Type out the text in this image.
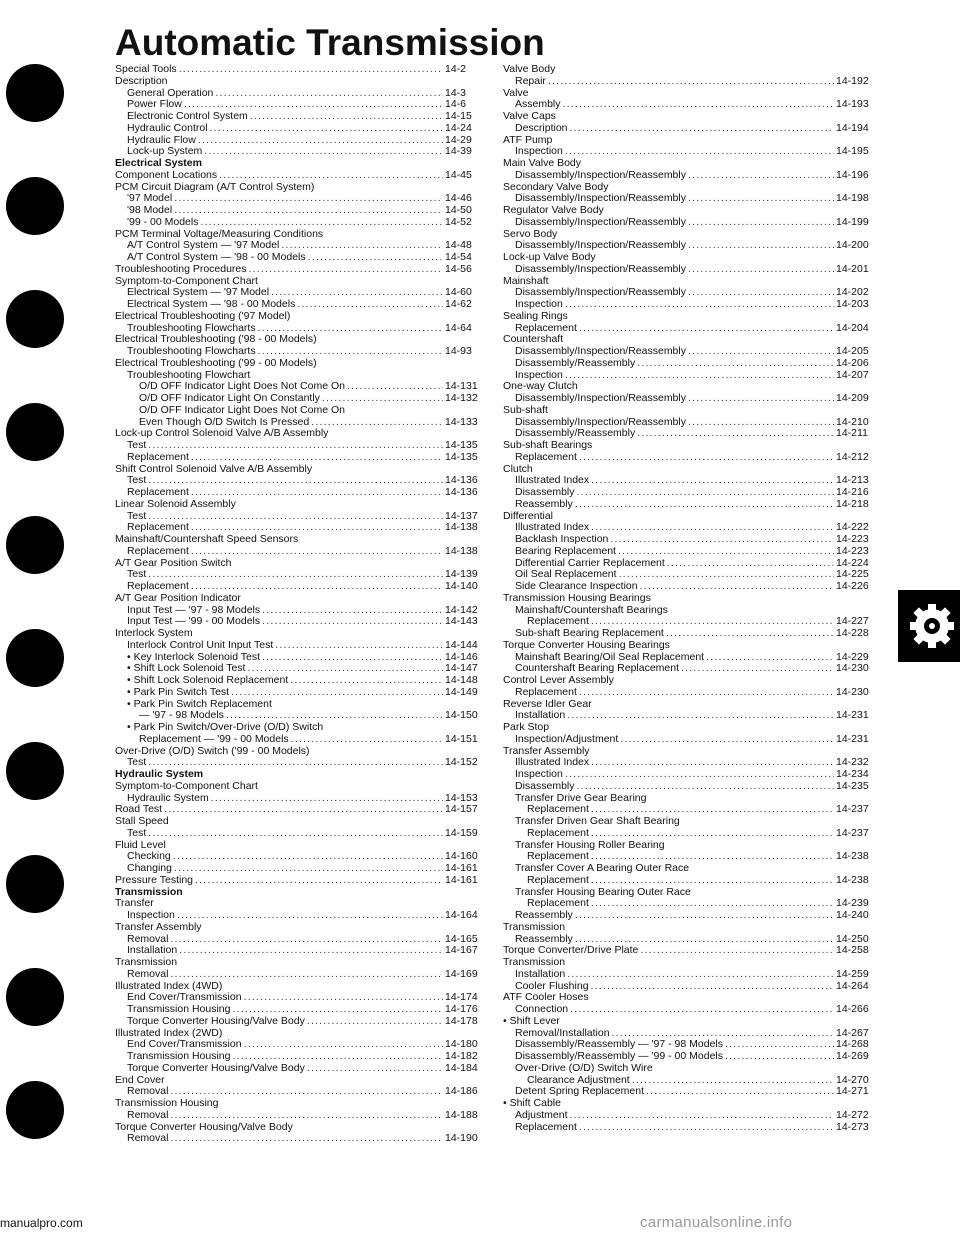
Automatic Transmission
Special Tools .....	14-2
Description
General Operation .....	14-3
Power Flow .....	14-6
Electronic Control System .....	14-15
Hydraulic Control .....	14-24
Hydraulic Flow .....	14-29
Lock-up System .....	14-39
Electrical System
Component Locations .....	14-45
PCM Circuit Diagram (A/T Control System)
'97 Model .....	14-46
'98 Model .....	14-50
'99 - 00 Models .....	14-52
PCM Terminal Voltage/Measuring Conditions
A/T Control System — '97 Model .....	14-48
A/T Control System — '98 - 00 Models .....	14-54
Troubleshooting Procedures .....	14-56
Symptom-to-Component Chart
Electrical System — '97 Model .....	14-60
Electrical System — '98 - 00 Models .....	14-62
Electrical Troubleshooting ('97 Model)
Troubleshooting Flowcharts .....	14-64
Electrical Troubleshooting ('98 - 00 Models)
Troubleshooting Flowcharts .....	14-93
Electrical Troubleshooting ('99 - 00 Models)
Troubleshooting Flowchart
O/D OFF Indicator Light Does Not Come On .....	14-131
O/D OFF Indicator Light On Constantly .....	14-132
O/D OFF Indicator Light Does Not Come On
Even Though O/D Switch Is Pressed .....	14-133
Lock-up Control Solenoid Valve A/B Assembly
Test .....	14-135
Replacement .....	14-135
Shift Control Solenoid Valve A/B Assembly
Test .....	14-136
Replacement .....	14-136
Linear Solenoid Assembly
Test .....	14-137
Replacement .....	14-138
Mainshaft/Countershaft Speed Sensors
Replacement .....	14-138
A/T Gear Position Switch
Test .....	14-139
Replacement .....	14-140
A/T Gear Position Indicator
Input Test — '97 - 98 Models .....	14-142
Input Test — '99 - 00 Models .....	14-143
Interlock System
Interlock Control Unit Input Test .....	14-144
• Key Interlock Solenoid Test .....	14-146
• Shift Lock Solenoid Test .....	14-147
• Shift Lock Solenoid Replacement .....	14-148
• Park Pin Switch Test .....	14-149
• Park Pin Switch Replacement
— '97 - 98 Models .....	14-150
• Park Pin Switch/Over-Drive (O/D) Switch
Replacement — '99 - 00 Models .....	14-151
Over-Drive (O/D) Switch ('99 - 00 Models)
Test .....	14-152
Hydraulic System
Symptom-to-Component Chart
Hydraulic System .....	14-153
Road Test .....	14-157
Stall Speed
Test .....	14-159
Fluid Level
Checking .....	14-160
Changing .....	14-161
Pressure Testing .....	14-161
Transmission
Transfer
Inspection .....	14-164
Transfer Assembly
Removal .....	14-165
Installation .....	14-167
Transmission
Removal .....	14-169
Illustrated Index (4WD)
End Cover/Transmission .....	14-174
Transmission Housing .....	14-176
Torque Converter Housing/Valve Body .....	14-178
Illustrated Index (2WD)
End Cover/Transmission .....	14-180
Transmission Housing .....	14-182
Torque Converter Housing/Valve Body .....	14-184
End Cover
Removal .....	14-186
Transmission Housing
Removal .....	14-188
Torque Converter Housing/Valve Body
Removal .....	14-190
Valve Body
Repair .....	14-192
Valve
Assembly .....	14-193
Valve Caps
Description .....	14-194
ATF Pump
Inspection .....	14-195
Main Valve Body
Disassembly/Inspection/Reassembly .....	14-196
Secondary Valve Body
Disassembly/Inspection/Reassembly .....	14-198
Regulator Valve Body
Disassembly/Inspection/Reassembly .....	14-199
Servo Body
Disassembly/Inspection/Reassembly .....	14-200
Lock-up Valve Body
Disassembly/Inspection/Reassembly .....	14-201
Mainshaft
Disassembly/Inspection/Reassembly .....	14-202
Inspection .....	14-203
Sealing Rings
Replacement .....	14-204
Countershaft
Disassembly/Inspection/Reassembly .....	14-205
Disassembly/Reassembly .....	14-206
Inspection .....	14-207
One-way Clutch
Disassembly/Inspection/Reassembly .....	14-209
Sub-shaft
Disassembly/Inspection/Reassembly .....	14-210
Disassembly/Reassembly .....	14-211
Sub-shaft Bearings
Replacement .....	14-212
Clutch
Illustrated Index .....	14-213
Disassembly .....	14-216
Reassembly .....	14-218
Differential
Illustrated Index .....	14-222
Backlash Inspection .....	14-223
Bearing Replacement .....	14-223
Differential Carrier Replacement .....	14-224
Oil Seal Replacement .....	14-225
Side Clearance Inspection .....	14-226
Transmission Housing Bearings
Mainshaft/Countershaft Bearings
Replacement .....	14-227
Sub-shaft Bearing Replacement .....	14-228
Torque Converter Housing Bearings
Mainshaft Bearing/Oil Seal Replacement .....	14-229
Countershaft Bearing Replacement .....	14-230
Control Lever Assembly
Replacement .....	14-230
Reverse Idler Gear
Installation .....	14-231
Park Stop
Inspection/Adjustment .....	14-231
Transfer Assembly
Illustrated Index .....	14-232
Inspection .....	14-234
Disassembly .....	14-235
Transfer Drive Gear Bearing
Replacement .....	14-237
Transfer Driven Gear Shaft Bearing
Replacement .....	14-237
Transfer Housing Roller Bearing
Replacement .....	14-238
Transfer Cover A Bearing Outer Race
Replacement .....	14-238
Transfer Housing Bearing Outer Race
Replacement .....	14-239
Reassembly .....	14-240
Transmission
Reassembly .....	14-250
Torque Converter/Drive Plate .....	14-258
Transmission
Installation .....	14-259
Cooler Flushing .....	14-264
ATF Cooler Hoses
Connection .....	14-266
• Shift Lever
Removal/Installation .....	14-267
Disassembly/Reassembly — '97 - 98 Models .....	14-268
Disassembly/Reassembly — '99 - 00 Models .....	14-269
Over-Drive (O/D) Switch Wire
Clearance Adjustment .....	14-270
Detent Spring Replacement .....	14-271
• Shift Cable
Adjustment .....	14-272
Replacement .....	14-273
manualpro.com	carmanualsonline.info
